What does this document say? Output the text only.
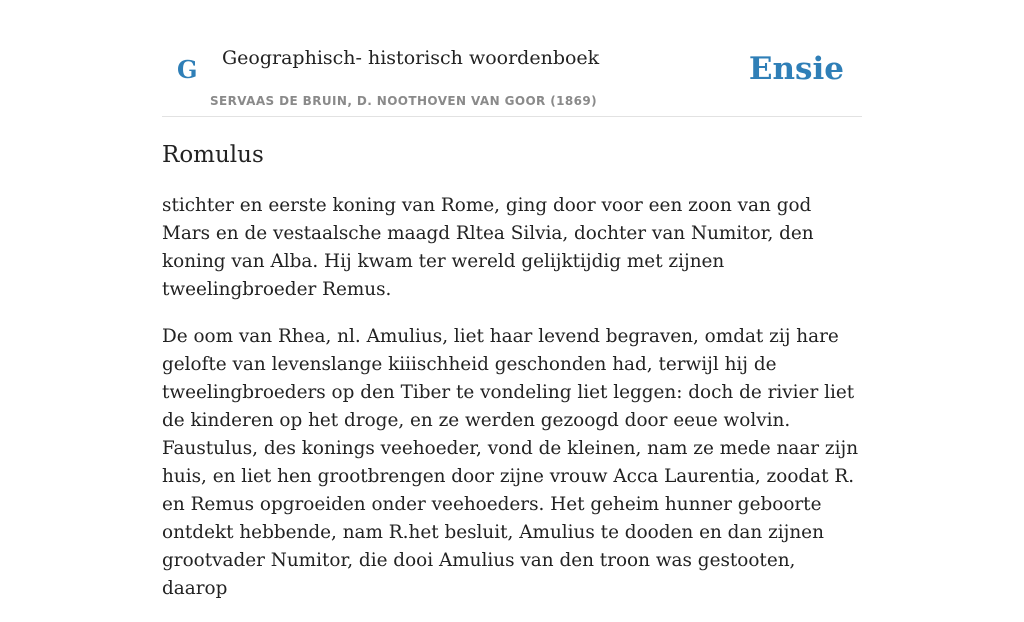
G Geographisch- historisch woordenboek
SERVAAS DE BRUIN, D. NOOTHOVEN VAN GOOR (1869)
Ensie
Romulus

stichter en eerste koning van Rome, ging door voor een zoon van god Mars en de vestaalsche maagd Rltea Silvia, dochter van Numitor, den koning van Alba. Hij kwam ter wereld gelijktijdig met zijnen tweelingbroeder Remus.

De oom van Rhea, nl. Amulius, liet haar levend begraven, omdat zij hare gelofte van levenslange kiiischheid geschonden had, terwijl hij de tweelingbroeders op den Tiber te vondeling liet leggen: doch de rivier liet de kinderen op het droge, en ze werden gezoogd door eeue wolvin. Faustulus, des konings veehoeder, vond de kleinen, nam ze mede naar zijn huis, en liet hen grootbrengen door zijne vrouw Acca Laurentia, zoodat R. en Remus opgroeiden onder veehoeders. Het geheim hunner geboorte ontdekt hebbende, nam R.het besluit, Amulius te dooden en dan zijnen grootvader Numitor, die dooi Amulius van den troon was gestooten, daarop
